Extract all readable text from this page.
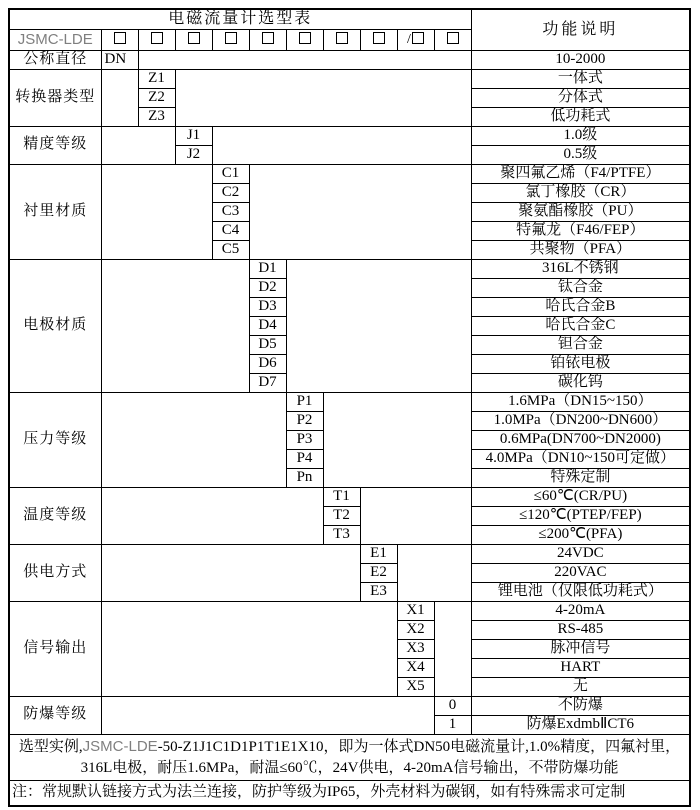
电磁流量计选型表											功能说明
JSMC-LDE									/		
公称直径	DN										10-2000
转换器类型		Z1									一体式
		Z2									分体式
		Z3									低功耗式
精度等级			J1								1.0级
			J2								0.5级
衬里材质				C1							聚四氟乙烯（F4/PTFE）
				C2							氯丁橡胶（CR）
				C3							聚氨酯橡胶（PU）
				C4							特氟龙（F46/FEP）
				C5							共聚物（PFA）
电极材质					D1						316L不锈钢
					D2						钛合金
					D3						哈氏合金B
					D4						哈氏合金C
					D5						钽合金
					D6						铂铱电极
					D7						碳化钨
压力等级						P1					1.6MPa（DN15~150）
						P2					1.0MPa（DN200~DN600）
						P3					0.6MPa(DN700~DN2000)
						P4					4.0MPa（DN10~150可定做）
						Pn					特殊定制
温度等级							T1				≤60℃(CR/PU)
							T2				≤120℃(PTEP/FEP)
							T3				≤200℃(PFA)
供电方式								E1			24VDC
								E2			220VAC
								E3			锂电池（仅限低功耗式）
信号输出									X1		4-20mA
									X2		RS-485
									X3		脉冲信号
									X4		HART
									X5		无
防爆等级										0	不防爆
										1	防爆ExdmbⅡCT6
选型实例,JSMC-LDE-50-Z1J1C1D1P1T1E1X10，即为一体式DN50电磁流量计,1.0%精度，四氟衬里，316L电极，耐压1.6MPa，耐温≤60℃，24V供电，4-20mA信号输出，不带防爆功能											
注：常规默认链接方式为法兰连接，防护等级为IP65，外壳材料为碳钢，如有特殊需求可定制											
